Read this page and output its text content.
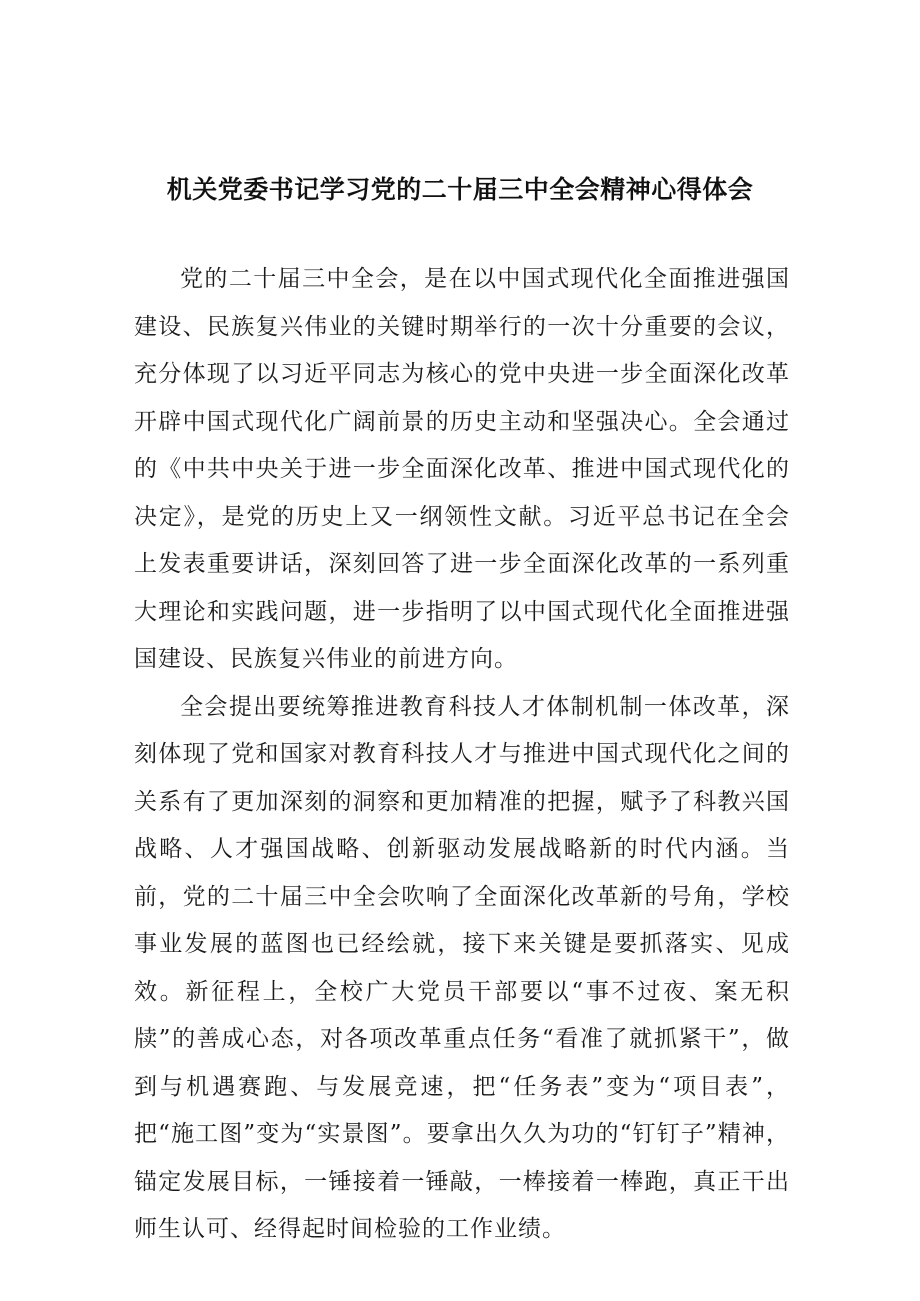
机关党委书记学习党的二十届三中全会精神心得体会

党的二十届三中全会，是在以中国式现代化全面推进强国建设、民族复兴伟业的关键时期举行的一次十分重要的会议，充分体现了以习近平同志为核心的党中央进一步全面深化改革开辟中国式现代化广阔前景的历史主动和坚强决心。全会通过的《中共中央关于进一步全面深化改革、推进中国式现代化的决定》，是党的历史上又一纲领性文献。习近平总书记在全会上发表重要讲话，深刻回答了进一步全面深化改革的一系列重大理论和实践问题，进一步指明了以中国式现代化全面推进强国建设、民族复兴伟业的前进方向。

全会提出要统筹推进教育科技人才体制机制一体改革，深刻体现了党和国家对教育科技人才与推进中国式现代化之间的关系有了更加深刻的洞察和更加精准的把握，赋予了科教兴国战略、人才强国战略、创新驱动发展战略新的时代内涵。当前，党的二十届三中全会吹响了全面深化改革新的号角，学校事业发展的蓝图也已经绘就，接下来关键是要抓落实、见成效。新征程上，全校广大党员干部要以“事不过夜、案无积牍”的善成心态，对各项改革重点任务“看准了就抓紧干”，做到与机遇赛跑、与发展竞速，把“任务表”变为“项目表”，把“施工图”变为“实景图”。要拿出久久为功的“钉钉子”精神，锚定发展目标，一锤接着一锤敲，一棒接着一棒跑，真正干出师生认可、经得起时间检验的工作业绩。
